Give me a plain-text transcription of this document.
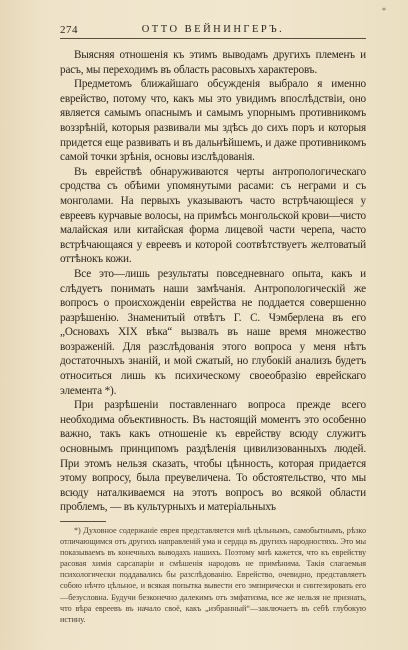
*
274	ОТТО ВЕЙНИНГЕРЪ.

Выясняя отношенія къ этимъ выводамъ другихъ племенъ и расъ, мы переходимъ въ область расовыхъ характеровъ.

Предметомъ ближайшаго обсужденія выбрало я именно еврейство, потому что, какъ мы это увидимъ впослѣдствіи, оно является самымъ опаснымъ и самымъ упорнымъ противникомъ воззрѣній, которыя развивали мы здѣсь до сихъ поръ и которыя придется еще развивать и въ дальнѣйшемъ, и даже противникомъ самой точки зрѣнія, основы изслѣдованія.

Въ еврействѣ обнаруживаются черты антропологическаго сродства съ обѣими упомянутыми расами: съ неграми и съ монголами. На первыхъ указываютъ часто встрѣчающіеся у евреевъ курчавые волосы, на примѣсь монгольской крови—чисто малайская или китайская форма лицевой части черепа, часто встрѣчающаяся у евреевъ и которой соотвѣтствуетъ желтоватый оттѣнокъ кожи.

Все это—лишь результаты повседневнаго опыта, какъ и слѣдуетъ понимать наши замѣчанія. Антропологическій же вопросъ о происхожденіи еврейства не поддается совершенно разрѣшенію. Знаменитый отвѣтъ Г. С. Чэмберлена въ его „Основахъ XIX вѣка“ вызвалъ въ наше время множество возраженій. Для разслѣдованія этого вопроса у меня нѣтъ достаточныхъ знаній, и мой сжатый, но глубокій анализъ будетъ относиться лишь къ психическому своеобразію еврейскаго элемента *).

При разрѣшеніи поставленнаго вопроса прежде всего необходима объективность. Въ настоящій моментъ это особенно важно, такъ какъ отношеніе къ еврейству всюду служитъ основнымъ принципомъ раздѣленія цивилизованныхъ людей. При этомъ нельзя сказать, чтобы цѣнность, которая придается этому вопросу, была преувеличена. То обстоятельство, что мы всюду наталкиваемся на этотъ вопросъ во всякой области проблемъ, — въ культурныхъ и матеріальныхъ

*) Духовное содержаніе еврея представляется мнѣ цѣльнымъ, самобытнымъ, рѣзко отличающимся отъ другихъ направленій ума и сердца въ другихъ народностяхъ. Это мы показываемъ въ конечныхъ выводахъ нашихъ. Поэтому мнѣ кажется, что къ еврейству расовая химія сарсапаріи и смѣшенія народовъ не примѣнима. Такія слагаемыя психологически поддавались бы разслѣдованію. Еврейство, очевидно, представляетъ собою нѣчто цѣльное, и всякая попытка вывести его эмпирически и синтезировать его—безусловна. Будучи безконечно далекимъ отъ эмфатизма, все же нельзя не признать, что вѣра евреевъ въ начало своё, какъ „избранный“—заключаетъ въ себѣ глубокую истину.
